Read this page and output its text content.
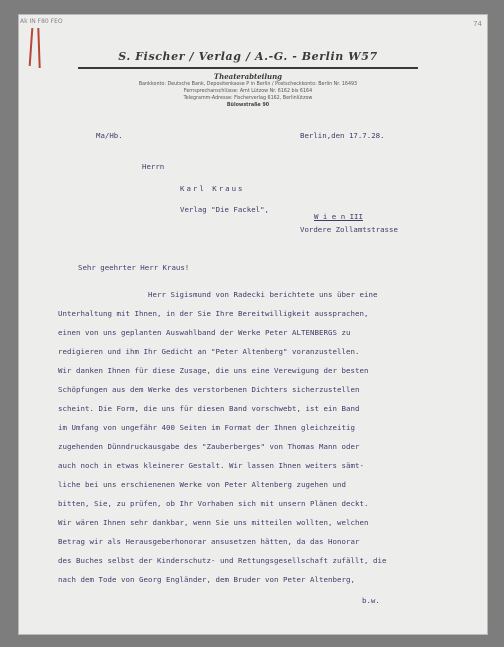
Ak IN F80 FEO	74
S. Fischer / Verlag / A.-G. - Berlin W57
Theaterabteilung
Bankkonto: Deutsche Bank, Depositenkasse P in Berlin / Postscheckkonto: Berlin Nr. 16493
Fernsprechanschlüsse: Amt Lützow Nr. 6162 bis 6164
Telegramm-Adresse: Fischerverlag 6162, Berlinlützow
Bülowstraße 90
Ma/Hb.	Berlin,den 17.7.28.
Herrn
Karl Kraus
Verlag "Die Fackel",
W i e n III
Vordere Zollamtstrasse
Sehr geehrter Herr Kraus!
Herr Sigismund von Radecki berichtete uns über eine
Unterhaltung mit Ihnen, in der Sie Ihre Bereitwilligkeit aussprachen,
einen von uns geplanten Auswahlband der Werke Peter ALTENBERGS zu
redigieren und ihm Ihr Gedicht an "Peter Altenberg" voranzustellen.
Wir danken Ihnen für diese Zusage, die uns eine Verewigung der besten
Schöpfungen aus dem Werke des verstorbenen Dichters sicherzustellen
scheint. Die Form, die uns für diesen Band vorschwebt, ist ein Band
im Umfang von ungefähr 400 Seiten im Format der Ihnen gleichzeitig
zugehenden Dünndruckausgabe des "Zauberberges" von Thomas Mann oder
auch noch in etwas kleinerer Gestalt. Wir lassen Ihnen weiters sämt-
liche bei uns erschienenen Werke von Peter Altenberg zugehen und
bitten, Sie, zu prüfen, ob Ihr Vorhaben sich mit unsern Plänen deckt.
Wir wären Ihnen sehr dankbar, wenn Sie uns mitteilen wollten, welchen
Betrag wir als Herausgeberhonorar ansusetzen hätten, da das Honorar
des Buches selbst der Kinderschutz- und Rettungsgesellschaft zufällt, die
nach dem Tode von Georg Engländer, dem Bruder von Peter Altenberg,
b.w.
